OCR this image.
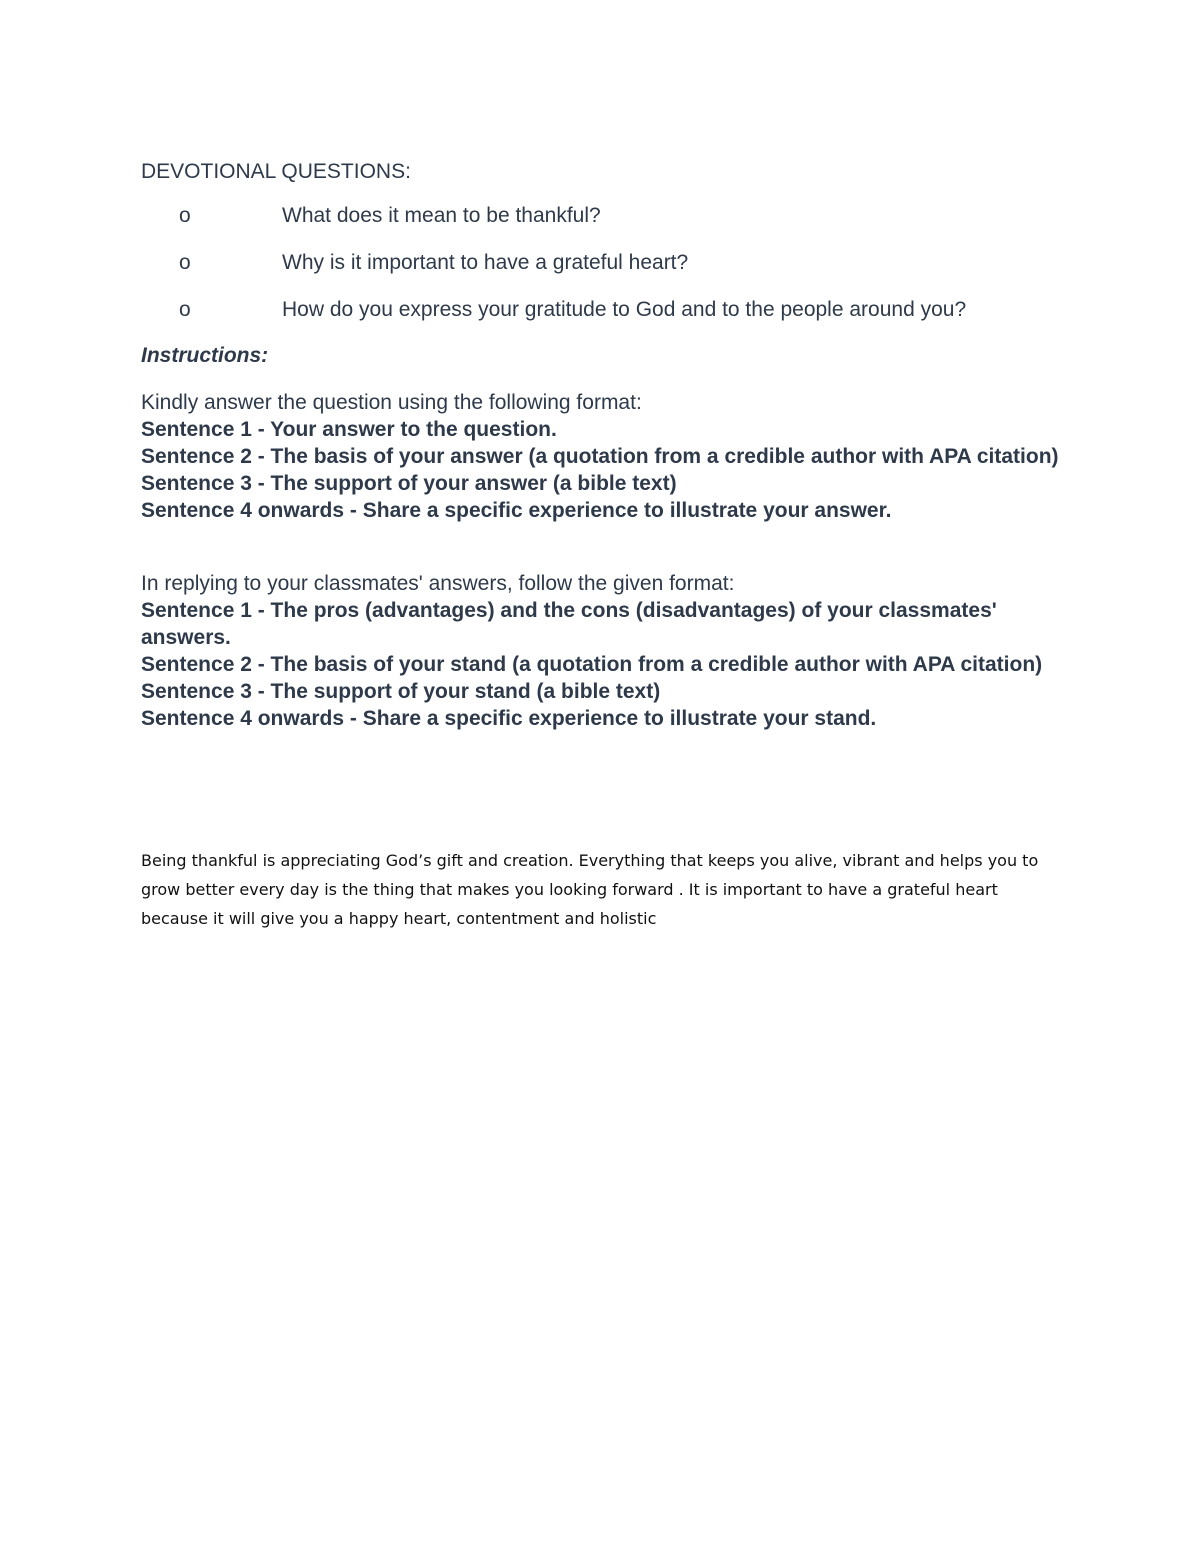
DEVOTIONAL QUESTIONS:
o	What does it mean to be thankful?
o	Why is it important to have a grateful heart?
o	How do you express your gratitude to God and to the people around you?

Instructions:

Kindly answer the question using the following format:

Sentence 1 - Your answer to the question.

Sentence 2 - The basis of your answer (a quotation from a credible author with APA citation)

Sentence 3 - The support of your answer (a bible text)

Sentence 4 onwards - Share a specific experience to illustrate your answer.

In replying to your classmates' answers, follow the given format:

Sentence 1 - The pros (advantages) and the cons (disadvantages) of your classmates' answers.

Sentence 2 - The basis of your stand (a quotation from a credible author with APA citation)

Sentence 3 - The support of your stand (a bible text)

Sentence 4 onwards - Share a specific experience to illustrate your stand.

Being thankful is appreciating God’s gift and creation. Everything that keeps you alive, vibrant and helps you to grow better every day is the thing that makes you looking forward . It is important to have a grateful heart because it will give you a happy heart, contentment and holistic
